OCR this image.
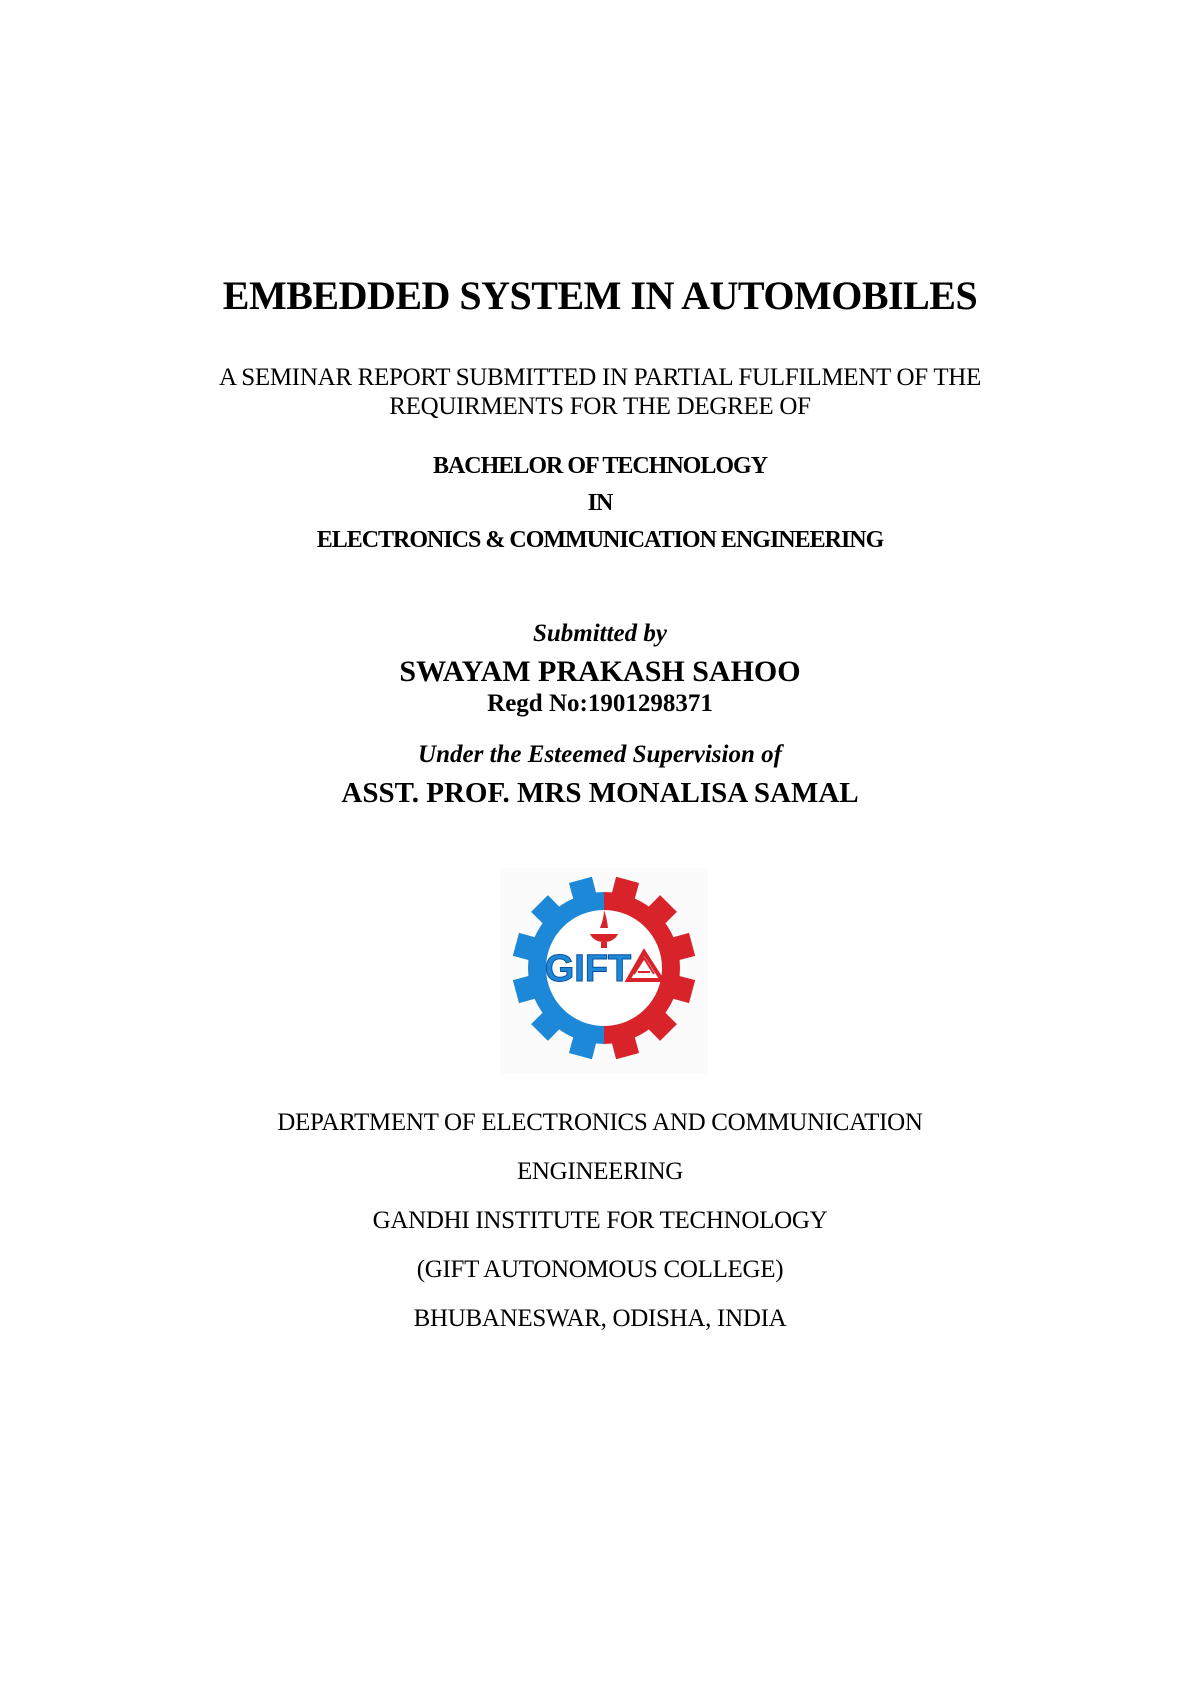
EMBEDDED SYSTEM IN AUTOMOBILES
A SEMINAR REPORT SUBMITTED IN PARTIAL FULFILMENT OF THE
REQUIRMENTS FOR THE DEGREE OF
BACHELOR OF TECHNOLOGY
IN
ELECTRONICS & COMMUNICATION ENGINEERING
Submitted by
SWAYAM PRAKASH SAHOO
Regd No:1901298371
Under the Esteemed Supervision of
ASST. PROF. MRS MONALISA SAMAL
GIFT
DEPARTMENT OF ELECTRONICS AND COMMUNICATION
ENGINEERING
GANDHI INSTITUTE FOR TECHNOLOGY
(GIFT AUTONOMOUS COLLEGE)
BHUBANESWAR, ODISHA, INDIA
